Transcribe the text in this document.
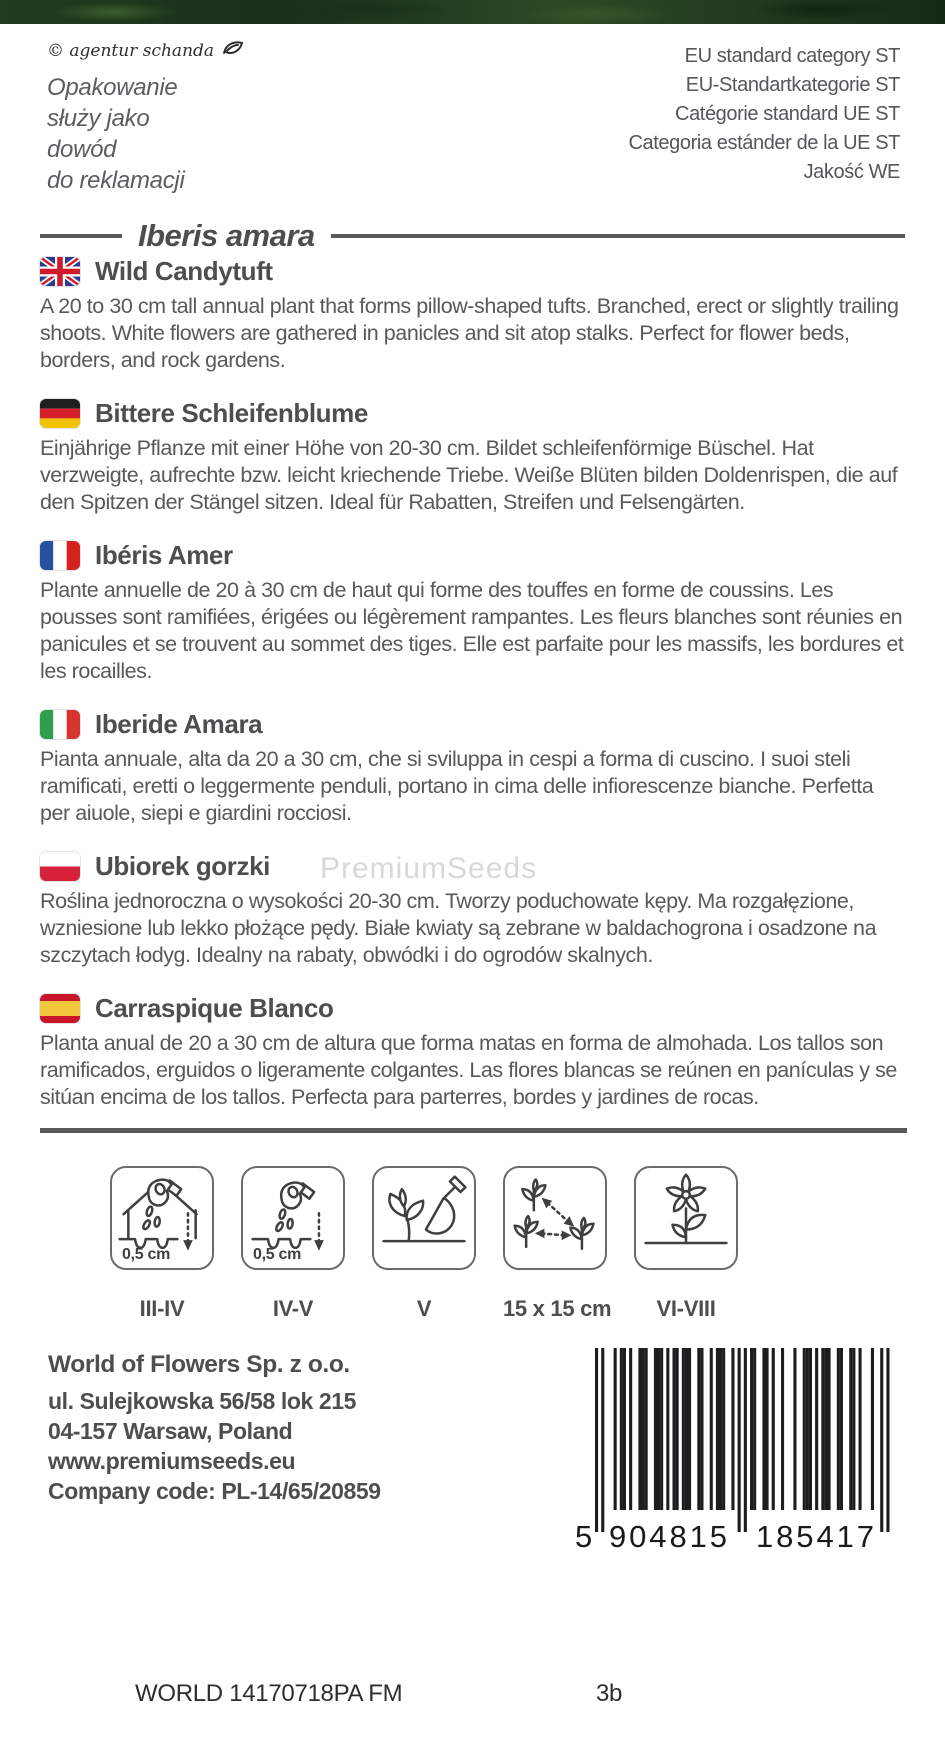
© agentur schanda
Opakowanie
służy jako
dowód
do reklamacji
EU standard category ST
EU-Standartkategorie ST
Catégorie standard UE ST
Categoria estánder de la UE ST
Jakość WE
Iberis amara
Wild Candytuft

A 20 to 30 cm tall annual plant that forms pillow-shaped tufts. Branched, erect or slightly trailing shoots. White flowers are gathered in panicles and sit atop stalks. Perfect for flower beds, borders, and rock gardens.

Bittere Schleifenblume

Einjährige Pflanze mit einer Höhe von 20-30 cm. Bildet schleifenförmige Büschel. Hat verzweigte, aufrechte bzw. leicht kriechende Triebe. Weiße Blüten bilden Doldenrispen, die auf den Spitzen der Stängel sitzen. Ideal für Rabatten, Streifen und Felsengärten.

Ibéris Amer

Plante annuelle de 20 à 30 cm de haut qui forme des touffes en forme de coussins. Les pousses sont ramifiées, érigées ou légèrement rampantes. Les fleurs blanches sont réunies en panicules et se trouvent au sommet des tiges. Elle est parfaite pour les massifs, les bordures et les rocailles.

Iberide Amara

Pianta annuale, alta da 20 a 30 cm, che si sviluppa in cespi a forma di cuscino. I suoi steli ramificati, eretti o leggermente penduli, portano in cima delle infiorescenze bianche. Perfetta per aiuole, siepi e giardini rocciosi.

Ubiorek gorzki

Roślina jednoroczna o wysokości 20-30 cm. Tworzy poduchowate kępy. Ma rozgałęzione, wzniesione lub lekko płożące pędy. Białe kwiaty są zebrane w baldachogrona i osadzone na szczytach łodyg. Idealny na rabaty, obwódki i do ogrodów skalnych.

Carraspique Blanco

Planta anual de 20 a 30 cm de altura que forma matas en forma de almohada. Los tallos son ramificados, erguidos o ligeramente colgantes. Las flores blancas se reúnen en panículas y se sitúan encima de los tallos. Perfecta para parterres, bordes y jardines de rocas.

PremiumSeeds
0,5 cm	0,5 cm
III-IV	IV-V	V	15 x 15 cm	VI-VIII
World of Flowers Sp. z o.o.
ul. Sulejkowska 56/58 lok 215
04-157 Warsaw, Poland
www.premiumseeds.eu
Company code: PL-14/65/20859
5 904815 185417
WORLD 14170718PA FM	3b
